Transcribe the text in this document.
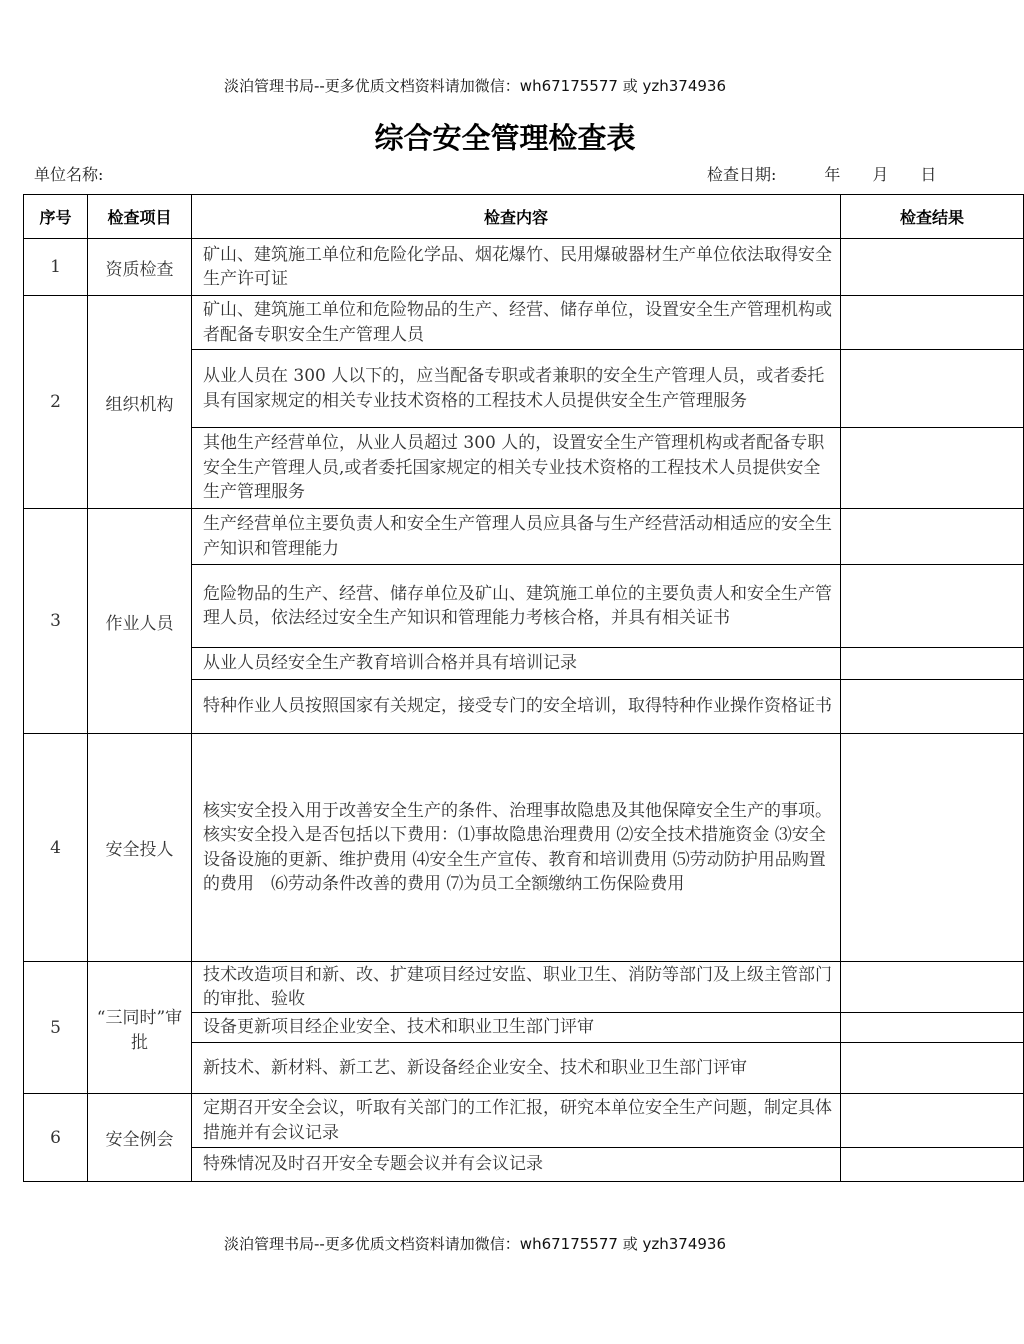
淡泊管理书局--更多优质文档资料请加微信：wh67175577 或 yzh374936
综合安全管理检查表
单位名称:	检查日期:　　　年　　月　　日
序号	检查项目	检查内容	检查结果
1	资质检查	矿山、建筑施工单位和危险化学品、烟花爆竹、民用爆破器材生产单位依法取得安全生产许可证	
2	组织机构	矿山、建筑施工单位和危险物品的生产、经营、储存单位，设置安全生产管理机构或者配备专职安全生产管理人员	
		从业人员在 300 人以下的，应当配备专职或者兼职的安全生产管理人员，或者委托具有国家规定的相关专业技术资格的工程技术人员提供安全生产管理服务	
		其他生产经营单位，从业人员超过 300 人的，设置安全生产管理机构或者配备专职安全生产管理人员,或者委托国家规定的相关专业技术资格的工程技术人员提供安全生产管理服务	
3	作业人员	生产经营单位主要负责人和安全生产管理人员应具备与生产经营活动相适应的安全生产知识和管理能力	
		危险物品的生产、经营、储存单位及矿山、建筑施工单位的主要负责人和安全生产管理人员，依法经过安全生产知识和管理能力考核合格，并具有相关证书	
		从业人员经安全生产教育培训合格并具有培训记录	
		特种作业人员按照国家有关规定，接受专门的安全培训，取得特种作业操作资格证书	
4	安全投人	核实安全投入用于改善安全生产的条件、治理事故隐患及其他保障安全生产的事项。核实安全投入是否包括以下费用：⑴事故隐患治理费用 ⑵安全技术措施资金 ⑶安全设备设施的更新、维护费用 ⑷安全生产宣传、教育和培训费用 ⑸劳动防护用品购置的费用　⑹劳动条件改善的费用 ⑺为员工全额缴纳工伤保险费用	
5	“三同时”审批	技术改造项目和新、改、扩建项目经过安监、职业卫生、消防等部门及上级主管部门的审批、验收	
		设备更新项目经企业安全、技术和职业卫生部门评审	
		新技术、新材料、新工艺、新设备经企业安全、技术和职业卫生部门评审	
6	安全例会	定期召开安全会议，听取有关部门的工作汇报，研究本单位安全生产问题，制定具体措施并有会议记录	
		特殊情况及时召开安全专题会议并有会议记录	
淡泊管理书局--更多优质文档资料请加微信：wh67175577 或 yzh374936
